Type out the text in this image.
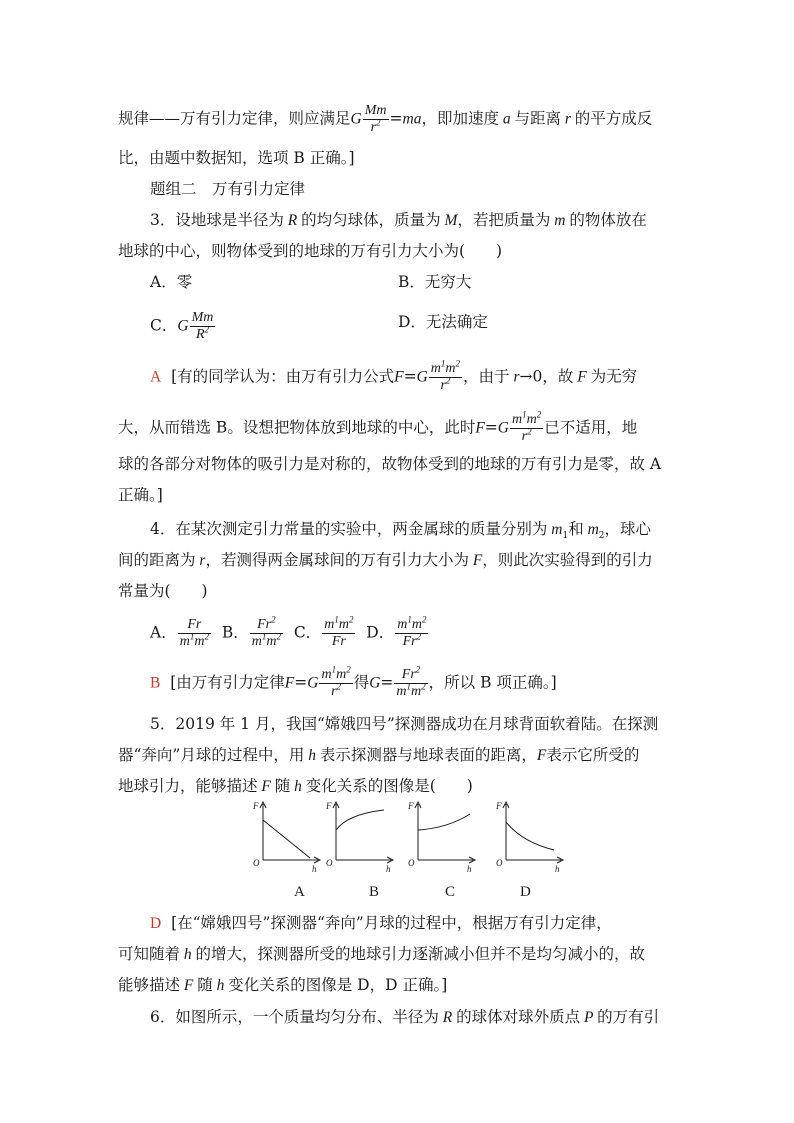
规律——万有引力定律，则应满足G $\frac{Mm}{r^2} =ma$，即加速度 a 与距离 r 的平方成反
比，由题中数据知，选项 B 正确。]
题组二　万有引力定律
3．设地球是半径为 R 的均匀球体，质量为 M，若把质量为 m 的物体放在
地球的中心，则物体受到的地球的万有引力大小为(　　)
A．零	B．无穷大
C．G $\frac{Mm}{R^2}$	D．无法确定
A [有的同学认为：由万有引力公式$F=G \frac{m^1m^2}{r^2}$ ，由于 r→0，故 F 为无穷
大，从而错选 B。设想把物体放到地球的中心，此时$F=G \frac{m^1m^2}{r^2}$ 已不适用，地
球的各部分对物体的吸引力是对称的，故物体受到的地球的万有引力是零，故 A
正确。]
4．在某次测定引力常量的实验中，两金属球的质量分别为 $m_1$和 $m_2$，球心
间的距离为 r，若测得两金属球间的万有引力大小为 F，则此次实验得到的引力
常量为(　　)
A． $\frac{Fr}{m^1m^2}$ B． $\frac{Fr^2}{m^1m^2}$ C． $\frac{m^1m^2}{Fr}$ D． $\frac{m^1m^2}{Fr^2}$
B [由万有引力定律$F=G \frac{m^1m^2}{r^2}$ 得$G= \frac{Fr^2}{m^1m^2}$ ，所以 B 项正确。]
5．2019 年 1 月，我国“嫦娥四号”探测器成功在月球背面软着陆。在探测
器“奔向”月球的过程中，用 h 表示探测器与地球表面的距离，F表示它所受的
地球引力，能够描述 F 随 h 变化关系的图像是(　　)
F
O
h
F
O
h
F
O
h
F
O
h
A	B	C	D
D [在“嫦娥四号”探测器“奔向”月球的过程中，根据万有引力定律，
可知随着 h 的增大，探测器所受的地球引力逐渐减小但并不是均匀减小的，故
能够描述 F 随 h 变化关系的图像是 D，D 正确。]
6．如图所示，一个质量均匀分布、半径为 R 的球体对球外质点 P 的万有引
